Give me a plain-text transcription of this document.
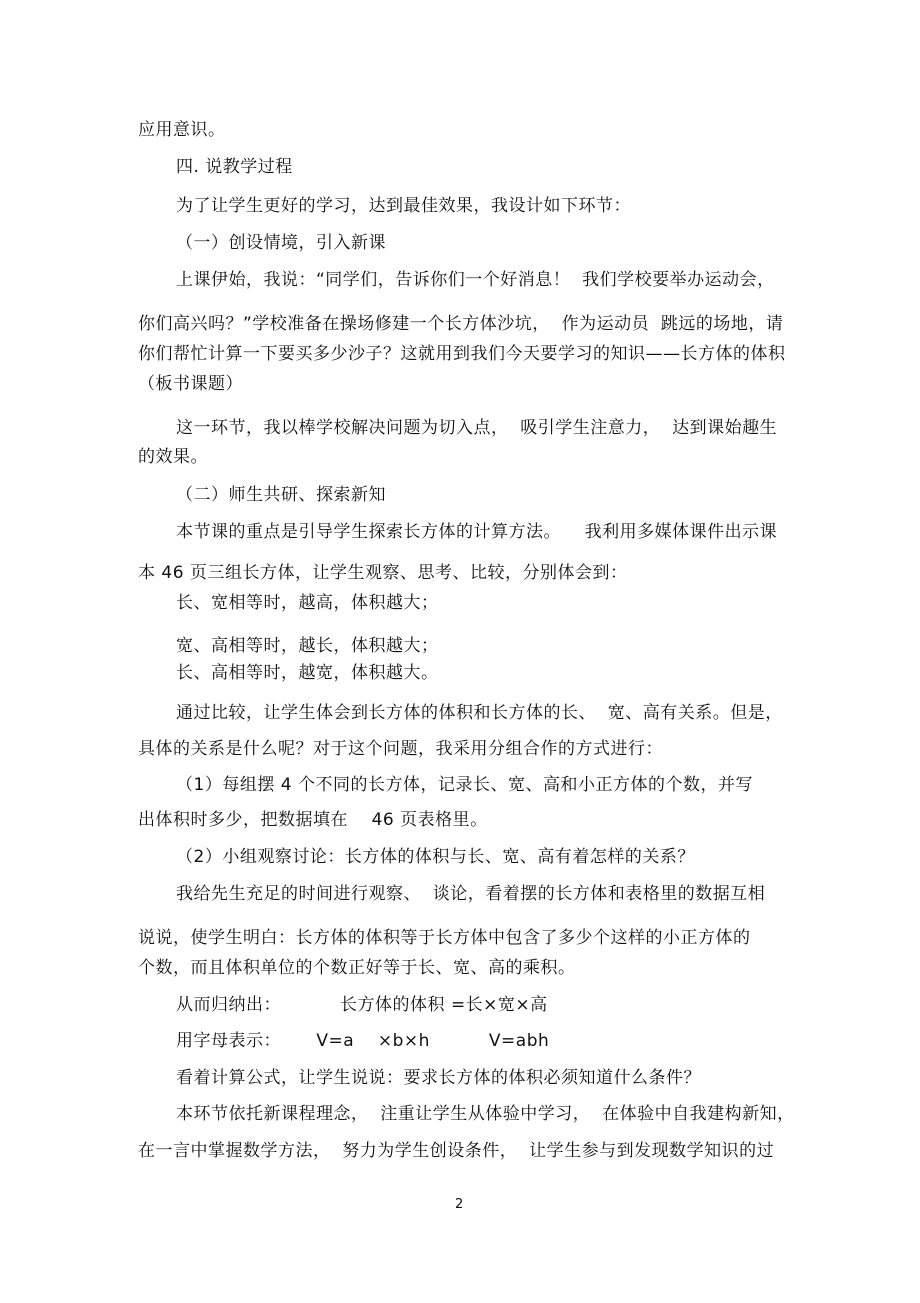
应用意识。
四. 说教学过程
为了让学生更好的学习，达到最佳效果，我设计如下环节：
（一）创设情境，引入新课
上课伊始，我说：“同学们，告诉你们一个好消息！  我们学校要举办运动会，
你们高兴吗？”学校准备在操场修建一个长方体沙坑，  作为运动员  跳远的场地，请
你们帮忙计算一下要买多少沙子？这就用到我们今天要学习的知识——长方体的体积
（板书课题）
这一环节，我以棒学校解决问题为切入点，  吸引学生注意力，  达到课始趣生
的效果。
（二）师生共研、探索新知
本节课的重点是引导学生探索长方体的计算方法。    我利用多媒体课件出示课
本 46 页三组长方体，让学生观察、思考、比较，分别体会到：
长、宽相等时，越高，体积越大；
宽、高相等时，越长，体积越大；
长、高相等时，越宽，体积越大。
通过比较，让学生体会到长方体的体积和长方体的长、  宽、高有关系。但是，
具体的关系是什么呢？对于这个问题，我采用分组合作的方式进行：
（1）每组摆 4 个不同的长方体，记录长、宽、高和小正方体的个数，并写
出体积时多少，把数据填在    46 页表格里。
（2）小组观察讨论：长方体的体积与长、宽、高有着怎样的关系？
我给先生充足的时间进行观察、  谈论，看着摆的长方体和表格里的数据互相
说说，使学生明白：长方体的体积等于长方体中包含了多少个这样的小正方体的
个数，而且体积单位的个数正好等于长、宽、高的乘积。
从而归纳出：          长方体的体积 =长×宽×高
用字母表示：      V=a    ×b×h          V=abh
看着计算公式，让学生说说：要求长方体的体积必须知道什么条件？
本环节依托新课程理念，  注重让学生从体验中学习，  在体验中自我建构新知，
在一言中掌握数学方法，  努力为学生创设条件，  让学生参与到发现数学知识的过
2
